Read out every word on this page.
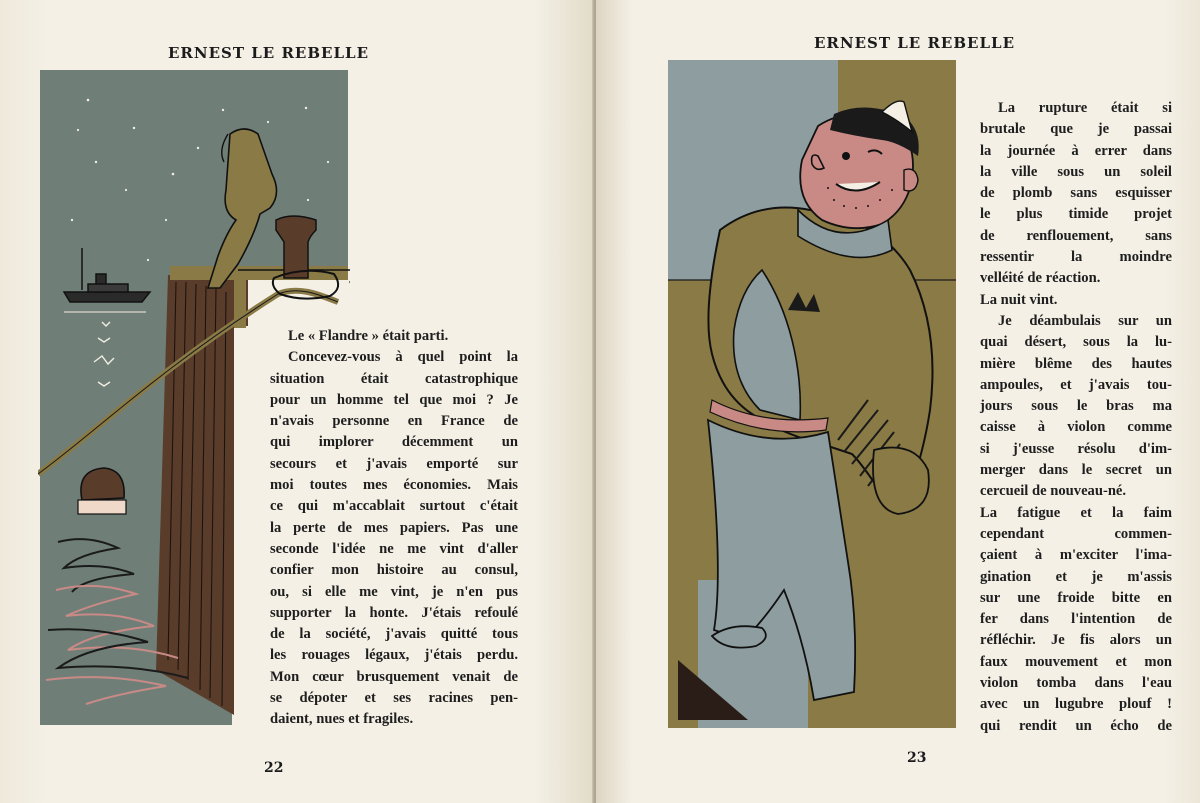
ERNEST LE REBELLE
Le « Flandre » était parti.
Concevez-vous à quel point la
situation était catastrophique
pour un homme tel que moi ? Je
n'avais personne en France de
qui implorer décemment un
secours et j'avais emporté sur
moi toutes mes économies. Mais
ce qui m'accablait surtout c'était
la perte de mes papiers. Pas une
seconde l'idée ne me vint d'aller
confier mon histoire au consul,
ou, si elle me vint, je n'en pus
supporter la honte. J'étais refoulé
de la société, j'avais quitté tous
les rouages légaux, j'étais perdu.
Mon cœur brusquement venait de
se dépoter et ses racines pen-
daient, nues et fragiles.
22
ERNEST LE REBELLE
La rupture était si
brutale que je passai
la journée à errer dans
la ville sous un soleil
de plomb sans esquisser
le plus timide projet
de renflouement, sans
ressentir la moindre
velléité de réaction.
La nuit vint.
Je déambulais sur un
quai désert, sous la lu-
mière blême des hautes
ampoules, et j'avais tou-
jours sous le bras ma
caisse à violon comme
si j'eusse résolu d'im-
merger dans le secret un
cercueil de nouveau-né.
La fatigue et la faim
cependant commen-
çaient à m'exciter l'ima-
gination et je m'assis
sur une froide bitte en
fer dans l'intention de
réfléchir. Je fis alors un
faux mouvement et mon
violon tomba dans l'eau
avec un lugubre plouf !
qui rendit un écho de
23
